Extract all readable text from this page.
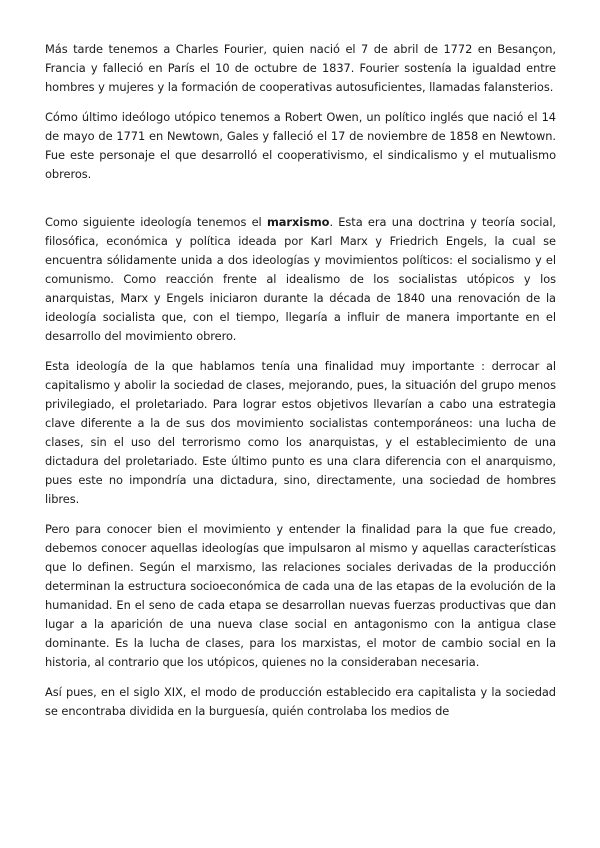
Más tarde tenemos a Charles Fourier, quien nació el 7 de abril de 1772 en Besançon, Francia y falleció en París el 10 de octubre de 1837. Fourier sostenía la igualdad entre hombres y mujeres y la formación de cooperativas autosuficientes, llamadas falansterios.

Cómo último ideólogo utópico tenemos a Robert Owen, un político inglés que nació el 14 de mayo de 1771 en Newtown, Gales y falleció el 17 de noviembre de 1858 en Newtown. Fue este personaje el que desarrolló el cooperativismo, el sindicalismo y el mutualismo obreros.

Como siguiente ideología tenemos el marxismo. Esta era una doctrina y teoría social, filosófica, económica y política ideada por Karl Marx y Friedrich Engels, la cual se encuentra sólidamente unida a dos ideologías y movimientos políticos: el socialismo y el comunismo. Como reacción frente al idealismo de los socialistas utópicos y los anarquistas, Marx y Engels iniciaron durante la década de 1840 una renovación de la ideología socialista que, con el tiempo, llegaría a influir de manera importante en el desarrollo del movimiento obrero.

Esta ideología de la que hablamos tenía una finalidad muy importante : derrocar al capitalismo y abolir la sociedad de clases, mejorando, pues, la situación del grupo menos privilegiado, el proletariado. Para lograr estos objetivos llevarían a cabo una estrategia clave diferente a la de sus dos movimiento socialistas contemporáneos: una lucha de clases, sin el uso del terrorismo como los anarquistas, y el establecimiento de una dictadura del proletariado. Este último punto es una clara diferencia con el anarquismo, pues este no impondría una dictadura, sino, directamente, una sociedad de hombres libres.

Pero para conocer bien el movimiento y entender la finalidad para la que fue creado, debemos conocer aquellas ideologías que impulsaron al mismo y aquellas características que lo definen. Según el marxismo, las relaciones sociales derivadas de la producción determinan la estructura socioeconómica de cada una de las etapas de la evolución de la humanidad. En el seno de cada etapa se desarrollan nuevas fuerzas productivas que dan lugar a la aparición de una nueva clase social en antagonismo con la antigua clase dominante. Es la lucha de clases, para los marxistas, el motor de cambio social en la historia, al contrario que los utópicos, quienes no la consideraban necesaria.

Así pues, en el siglo XIX, el modo de producción establecido era capitalista y la sociedad se encontraba dividida en la burguesía, quién controlaba los medios de
